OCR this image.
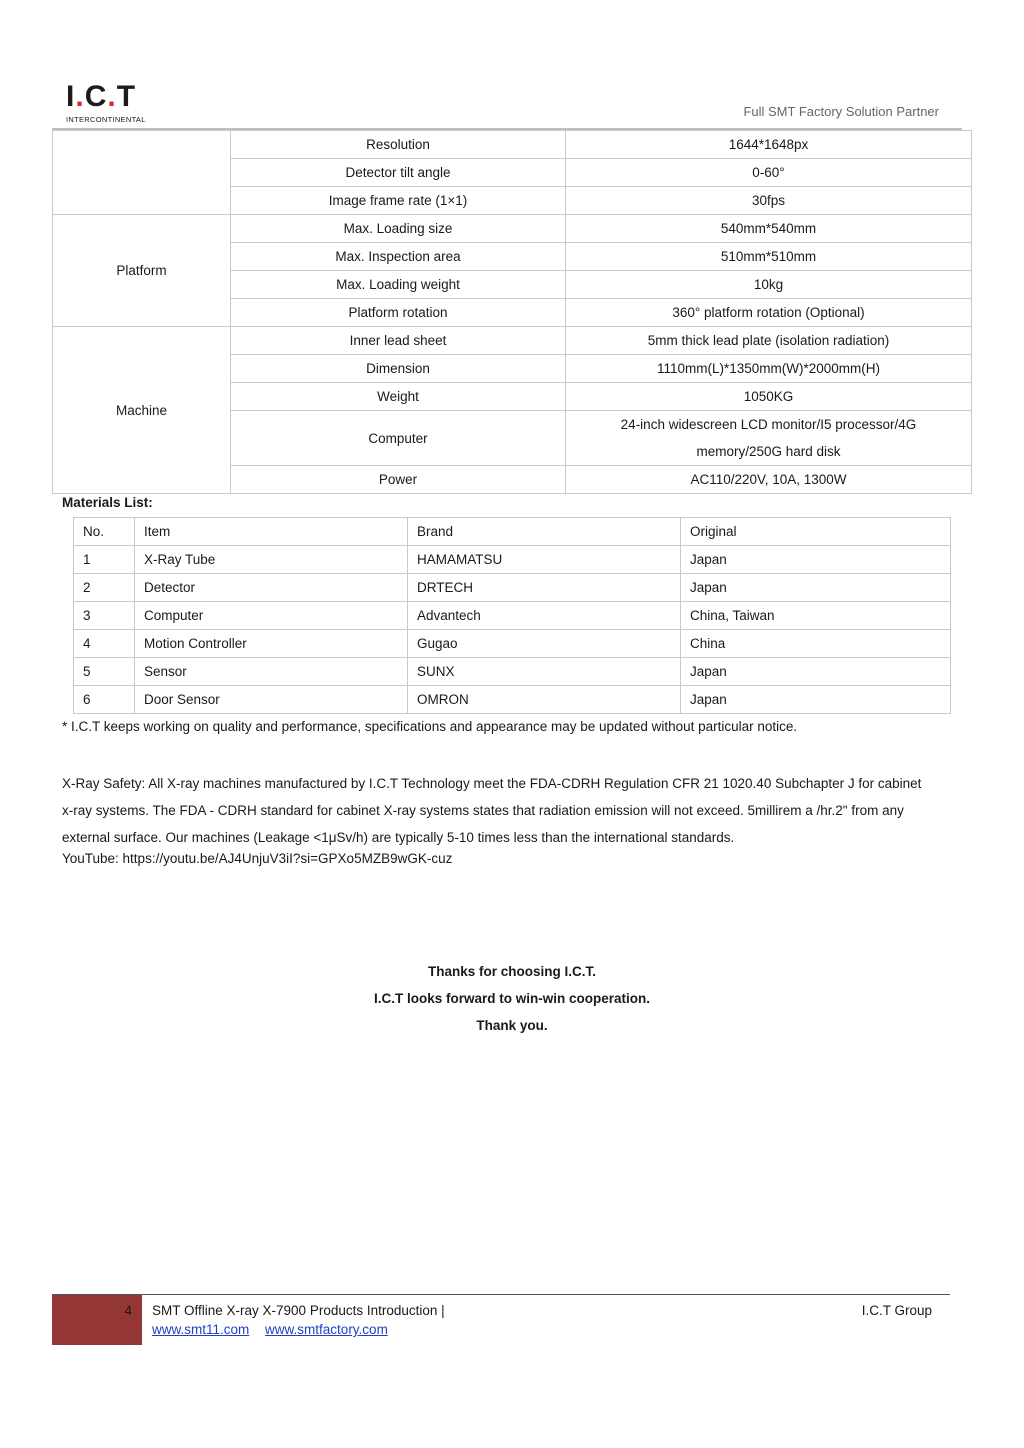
I.C.T
INTERCONTINENTAL
Full SMT Factory Solution Partner
	Resolution	1644*1648px
	Detector tilt angle	0-60°
	Image frame rate (1×1)	30fps
Platform	Max. Loading size	540mm*540mm
	Max. Inspection area	510mm*510mm
	Max. Loading weight	10kg
	Platform rotation	360° platform rotation (Optional)
Machine	Inner lead sheet	5mm thick lead plate (isolation radiation)
	Dimension	1110mm(L)*1350mm(W)*2000mm(H)
	Weight	1050KG
	Computer	24-inch widescreen LCD monitor/I5 processor/4G
memory/250G hard disk

	Power	AC110/220V, 10A, 1300W
Materials List:
No.	Item	Brand	Original
1	X-Ray Tube	HAMAMATSU	Japan
2	Detector	DRTECH	Japan
3	Computer	Advantech	China, Taiwan
4	Motion Controller	Gugao	China
5	Sensor	SUNX	Japan
6	Door Sensor	OMRON	Japan
* I.C.T keeps working on quality and performance, specifications and appearance may be updated without particular notice.
X-Ray Safety: All X-ray machines manufactured by I.C.T Technology meet the FDA-CDRH Regulation CFR 21 1020.40 Subchapter J for cabinet
x-ray systems. The FDA - CDRH standard for cabinet X-ray systems states that radiation emission will not exceed. 5millirem a /hr.2" from any
external surface. Our machines (Leakage <1μSv/h) are typically 5-10 times less than the international standards.
YouTube: https://youtu.be/AJ4UnjuV3iI?si=GPXo5MZB9wGK-cuz
Thanks for choosing I.C.T.
I.C.T looks forward to win-win cooperation.
Thank you.
4 SMT Offline X-ray X-7900 Products Introduction |	I.C.T Group
www.smt11.com www.smtfactory.com
